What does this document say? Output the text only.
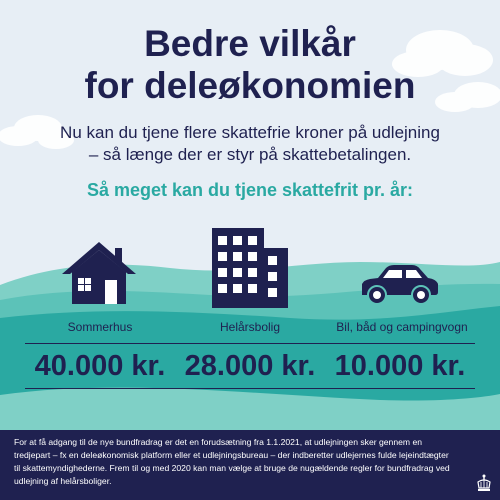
Bedre vilkår
for deleøkonomien
Nu kan du tjene flere skattefrie kroner på udlejning
– så længe der er styr på skattebetalingen.
Så meget kan du tjene skattefrit pr. år:
Sommerhus	Helårsbolig	Bil, båd og campingvogn
40.000 kr. 28.000 kr. 10.000 kr.
For at få adgang til de nye bundfradrag er det en forudsætning fra 1.1.2021, at udlejningen sker gennem en tredjepart – fx en deleøkonomisk platform eller et udlejningsbureau – der indberetter udlejernes fulde lejeindtægter til skattemyndighederne. Frem til og med 2020 kan man vælge at bruge de nugældende regler for bundfradrag ved udlejning af helårsboliger.
